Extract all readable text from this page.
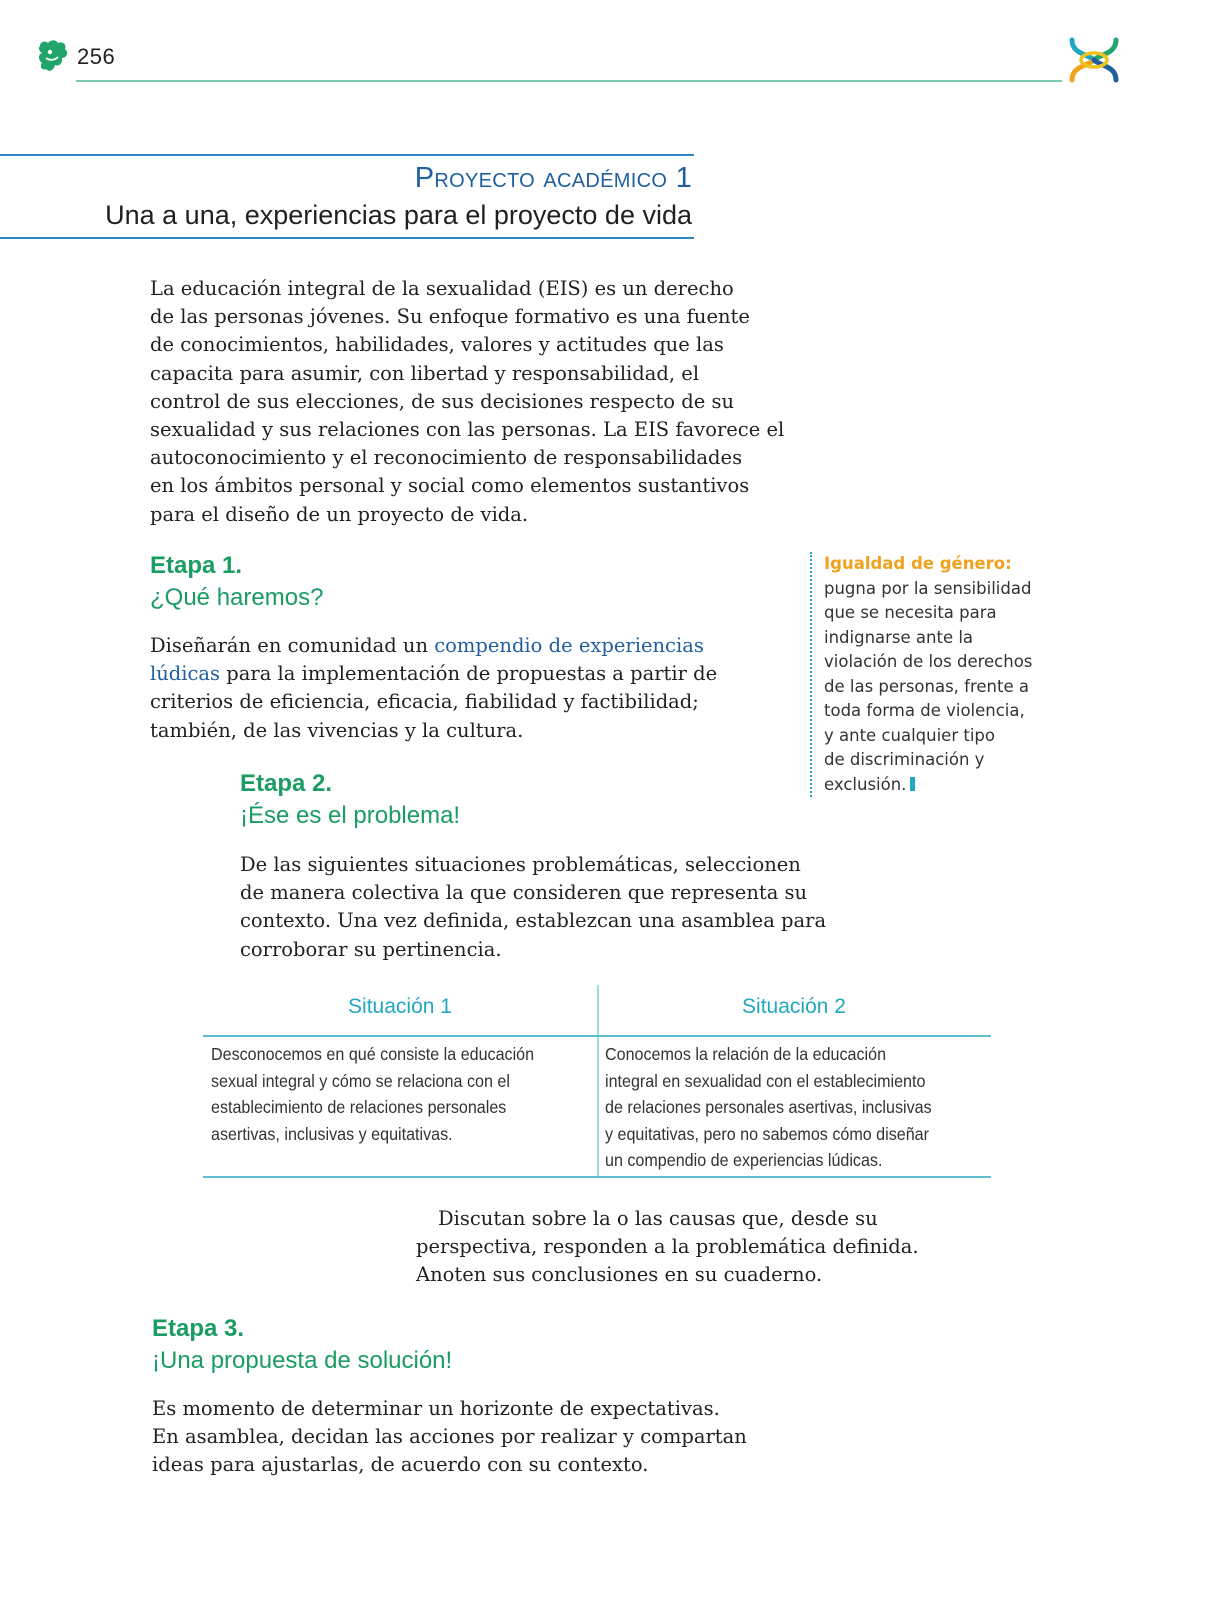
256
Proyecto académico 1
Una a una, experiencias para el proyecto de vida

La educación integral de la sexualidad (EIS) es un derecho

de las personas jóvenes. Su enfoque formativo es una fuente

de conocimientos, habilidades, valores y actitudes que las

capacita para asumir, con libertad y responsabilidad, el

control de sus elecciones, de sus decisiones respecto de su

sexualidad y sus relaciones con las personas. La EIS favorece el

autoconocimiento y el reconocimiento de responsabilidades

en los ámbitos personal y social como elementos sustantivos

para el diseño de un proyecto de vida.

Etapa 1.
¿Qué haremos?

Diseñarán en comunidad un compendio de experiencias

lúdicas para la implementación de propuestas a partir de

criterios de eficiencia, eficacia, fiabilidad y factibilidad;

también, de las vivencias y la cultura.

Igualdad de género:

pugna por la sensibilidad

que se necesita para

indignarse ante la

violación de los derechos

de las personas, frente a

toda forma de violencia,

y ante cualquier tipo

de discriminación y

exclusión.

Etapa 2.
¡Ése es el problema!

De las siguientes situaciones problemáticas, seleccionen

de manera colectiva la que consideren que representa su

contexto. Una vez definida, establezcan una asamblea para

corroborar su pertinencia.

Situación 1

Desconocemos en qué consiste la educación

sexual integral y cómo se relaciona con el

establecimiento de relaciones personales

asertivas, inclusivas y equitativas.

Situación 2

Conocemos la relación de la educación

integral en sexualidad con el establecimiento

de relaciones personales asertivas, inclusivas

y equitativas, pero no sabemos cómo diseñar

un compendio de experiencias lúdicas.

Discutan sobre la o las causas que, desde su

perspectiva, responden a la problemática definida.

Anoten sus conclusiones en su cuaderno.

Etapa 3.
¡Una propuesta de solución!

Es momento de determinar un horizonte de expectativas.

En asamblea, decidan las acciones por realizar y compartan

ideas para ajustarlas, de acuerdo con su contexto.
